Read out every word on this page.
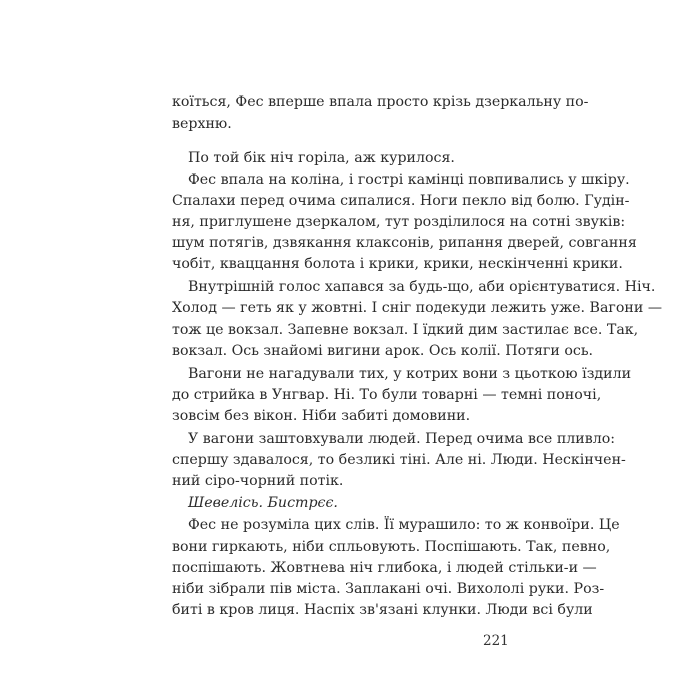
коїться, Фес вперше впала просто крізь дзеркальну по-
верхню.
По той бік ніч горіла, аж курилося.
Фес впала на коліна, і гострі камінці повпивались у шкіру.
Спалахи перед очима сипалися. Ноги пекло від болю. Гудін-
ня, приглушене дзеркалом, тут розділилося на сотні звуків:
шум потягів, дзвякання клаксонів, рипання дверей, совгання
чобіт, кваццання болота і крики, крики, нескінченні крики.
Внутрішній голос хапався за будь-що, аби орієнтуватися. Ніч.
Холод — геть як у жовтні. І сніг подекуди лежить уже. Вагони —
тож це вокзал. Запевне вокзал. І їдкий дим застилає все. Так,
вокзал. Ось знайомі вигини арок. Ось колії. Потяги ось.
Вагони не нагадували тих, у котрих вони з цьоткою їздили
до стрийка в Унгвар. Ні. То були товарні — темні поночі,
зовсім без вікон. Ніби забиті домовини.
У вагони заштовхували людей. Перед очима все пливло:
спершу здавалося, то безликі тіні. Але ні. Люди. Нескінчен-
ний сіро-чорний потік.
Шевелісь. Бистрєє.
Фес не розуміла цих слів. Її мурашило: то ж конвоїри. Це
вони гиркають, ніби спльовують. Поспішають. Так, певно,
поспішають. Жовтнева ніч глибока, і людей стільки-и —
ніби зібрали пів міста. Заплакані очі. Вихололі руки. Роз-
биті в кров лиця. Наспіх зв'язані клунки. Люди всі були
221
